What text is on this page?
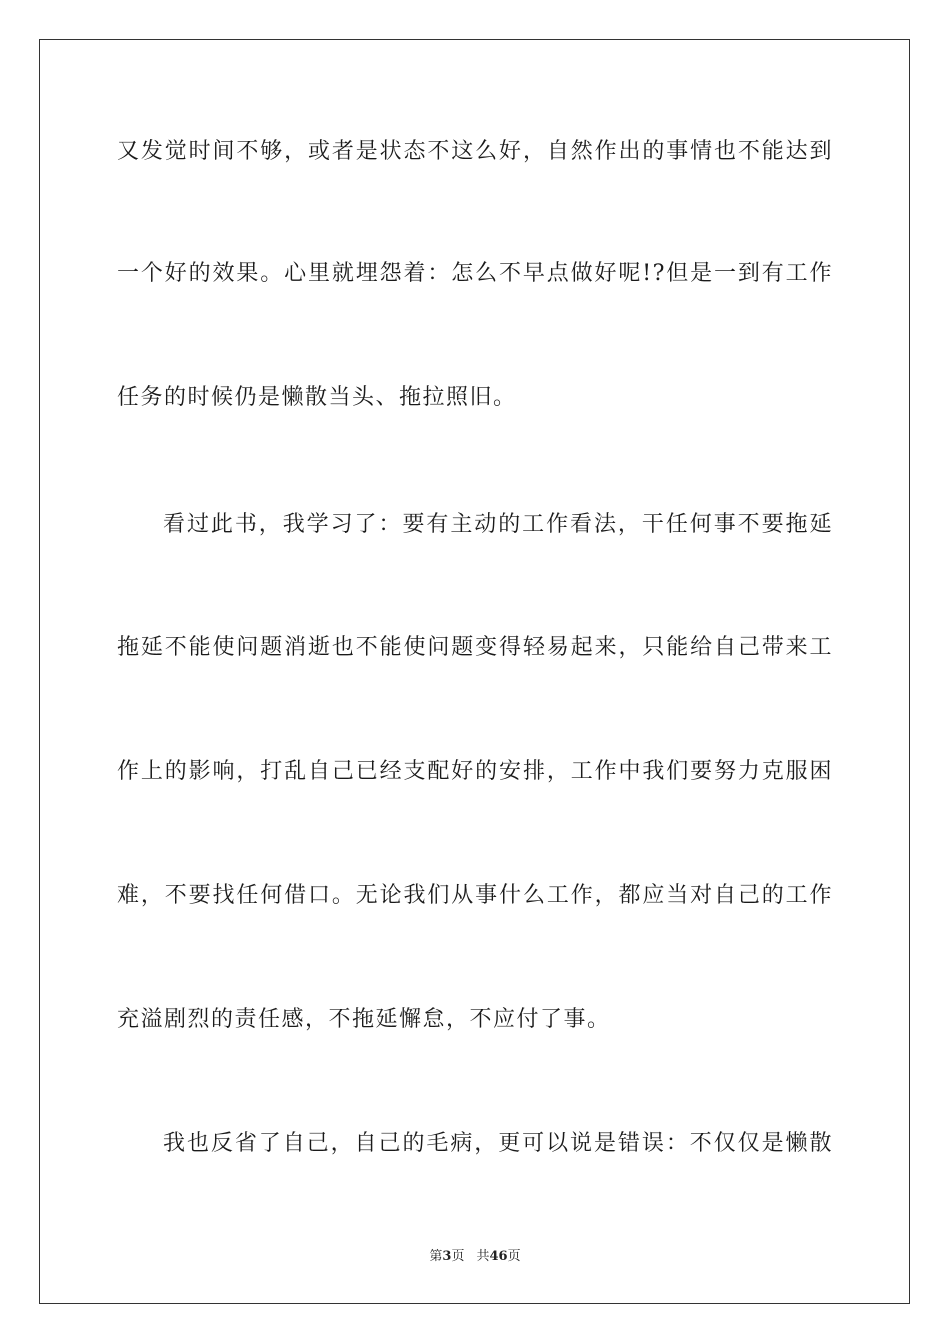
又发觉时间不够，或者是状态不这么好，自然作出的事情也不能达到
一个好的效果。心里就埋怨着：怎么不早点做好呢!?但是一到有工作
任务的时候仍是懒散当头、拖拉照旧。
看过此书，我学习了：要有主动的工作看法，干任何事不要拖延
拖延不能使问题消逝也不能使问题变得轻易起来，只能给自己带来工
作上的影响，打乱自己已经支配好的安排，工作中我们要努力克服困
难，不要找任何借口。无论我们从事什么工作，都应当对自己的工作
充溢剧烈的责任感，不拖延懈怠，不应付了事。
我也反省了自己，自己的毛病，更可以说是错误：不仅仅是懒散
第3页 共46页
